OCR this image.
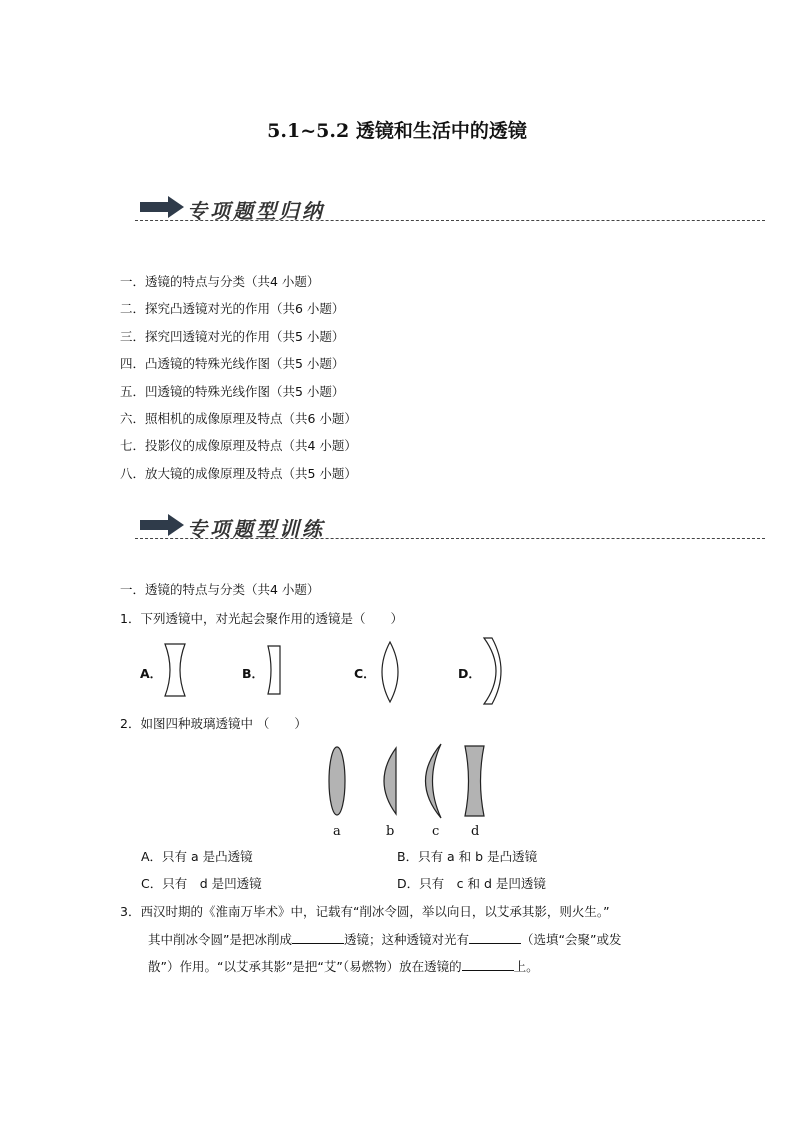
5.1~5.2 透镜和生活中的透镜
专项题型归纳
一．透镜的特点与分类（共4 小题）
二．探究凸透镜对光的作用（共6 小题）
三．探究凹透镜对光的作用（共5 小题）
四．凸透镜的特殊光线作图（共5 小题）
五．凹透镜的特殊光线作图（共5 小题）
六．照相机的成像原理及特点（共6 小题）
七．投影仪的成像原理及特点（共4 小题）
八．放大镜的成像原理及特点（共5 小题）
专项题型训练
一．透镜的特点与分类（共4 小题）
1．下列透镜中，对光起会聚作用的透镜是（　　）
A．	B．	C．	D．
2．如图四种玻璃透镜中 （　　）
a	b	c d
A．只有 a 是凸透镜	B．只有 a 和 b 是凸透镜
C．只有　d 是凹透镜	D．只有　c 和 d 是凹透镜
3．西汉时期的《淮南万毕术》中，记载有“削冰令圆，举以向日，以艾承其影，则火生。”
其中削冰令圆”是把冰削成	透镜；这种透镜对光有	（选填“会聚”或发
散”）作用。“以艾承其影”是把“艾”（易燃物）放在透镜的	上。
